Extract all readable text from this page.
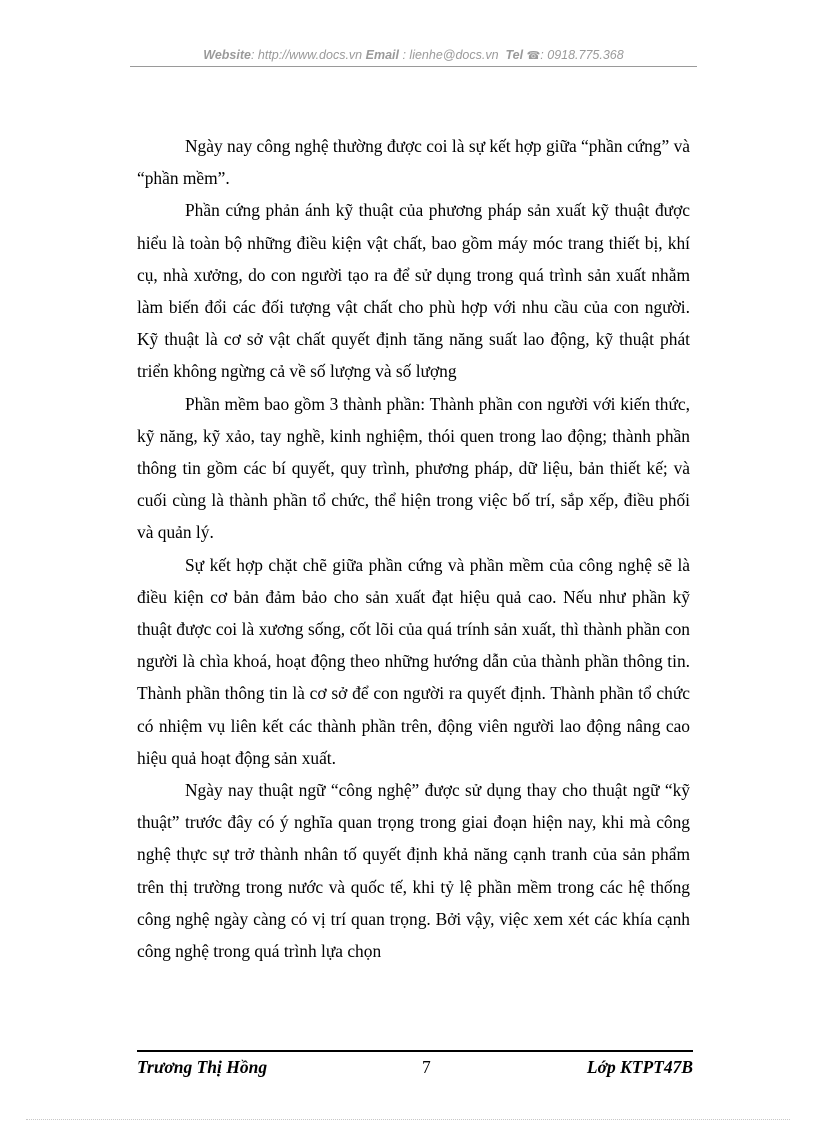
Website: http://www.docs.vn Email : lienhe@docs.vn Tel ☎: 0918.775.368

Ngày nay công nghệ thường được coi là sự kết hợp giữa “phần cứng” và “phần mềm”.

Phần cứng phản ánh kỹ thuật của phương pháp sản xuất kỹ thuật được hiểu là toàn bộ những điều kiện vật chất, bao gồm máy móc trang thiết bị, khí cụ, nhà xưởng, do con người tạo ra để sử dụng trong quá trình sản xuất nhằm làm biến đổi các đối tượng vật chất cho phù hợp với nhu cầu của con người. Kỹ thuật là cơ sở vật chất quyết định tăng năng suất lao động, kỹ thuật phát triển không ngừng cả về số lượng và số lượng

Phần mềm bao gồm 3 thành phần: Thành phần con người với kiến thức, kỹ năng, kỹ xảo, tay nghề, kinh nghiệm, thói quen trong lao động; thành phần thông tin gồm các bí quyết, quy trình, phương pháp, dữ liệu, bản thiết kế; và cuối cùng là thành phần tổ chức, thể hiện trong việc bố trí, sắp xếp, điều phối và quản lý.

Sự kết hợp chặt chẽ giữa phần cứng và phần mềm của công nghệ sẽ là điều kiện cơ bản đảm bảo cho sản xuất đạt hiệu quả cao. Nếu như phần kỹ thuật được coi là xương sống, cốt lõi của quá trính sản xuất, thì thành phần con người là chìa khoá, hoạt động theo những hướng dẫn của thành phần thông tin. Thành phần thông tin là cơ sở để con người ra quyết định. Thành phần tổ chức có nhiệm vụ liên kết các thành phần trên, động viên người lao động nâng cao hiệu quả hoạt động sản xuất.

Ngày nay thuật ngữ “công nghệ” được sử dụng thay cho thuật ngữ “kỹ thuật” trước đây có ý nghĩa quan trọng trong giai đoạn hiện nay, khi mà công nghệ thực sự trở thành nhân tố quyết định khả năng cạnh tranh của sản phẩm trên thị trường trong nước và quốc tế, khi tỷ lệ phần mềm trong các hệ thống công nghệ ngày càng có vị trí quan trọng. Bởi vậy, việc xem xét các khía cạnh công nghệ trong quá trình lựa chọn

Trương Thị Hồng	7	Lớp KTPT47B
